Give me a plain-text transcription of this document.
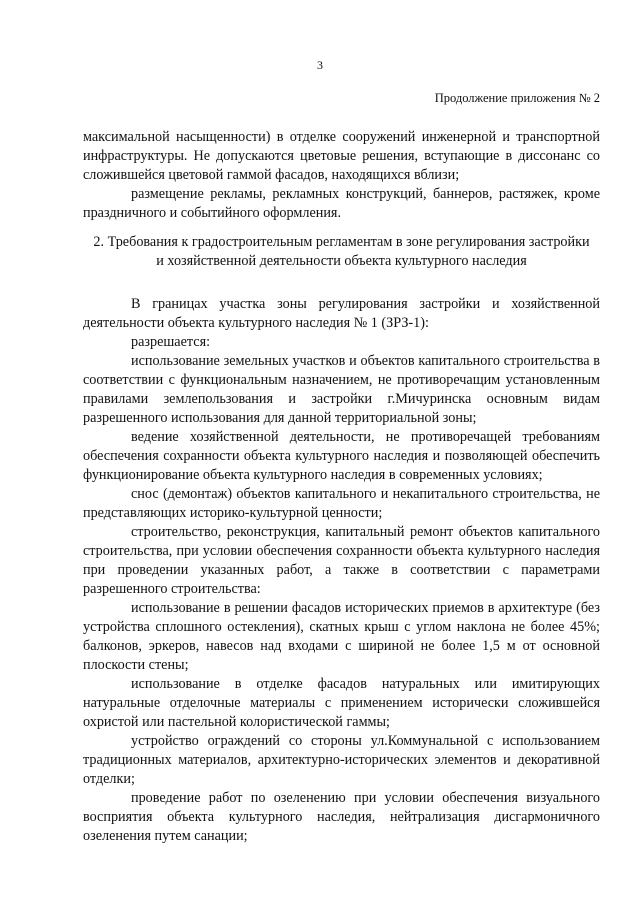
3
Продолжение приложения № 2

максимальной насыщенности) в отделке сооружений инженерной и транспортной инфраструктуры. Не допускаются цветовые решения, вступающие в диссонанс со сложившейся цветовой гаммой фасадов, находящихся вблизи;

размещение рекламы, рекламных конструкций, баннеров, растяжек, кроме праздничного и событийного оформления.

2. Требования к градостроительным регламентам в зоне регулирования застройки и хозяйственной деятельности объекта культурного наследия

В границах участка зоны регулирования застройки и хозяйственной деятельности объекта культурного наследия № 1 (ЗРЗ-1):

разрешается:

использование земельных участков и объектов капитального строительства в соответствии с функциональным назначением, не противоречащим установленным правилами землепользования и застройки г.Мичуринска основным видам разрешенного использования для данной территориальной зоны;

ведение хозяйственной деятельности, не противоречащей требованиям обеспечения сохранности объекта культурного наследия и позволяющей обеспечить функционирование объекта культурного наследия в современных условиях;

снос (демонтаж) объектов капитального и некапитального строительства, не представляющих историко-культурной ценности;

строительство, реконструкция, капитальный ремонт объектов капитального строительства, при условии обеспечения сохранности объекта культурного наследия при проведении указанных работ, а также в соответствии с параметрами разрешенного строительства:

использование в решении фасадов исторических приемов в архитектуре (без устройства сплошного остекления), скатных крыш с углом наклона не более 45%; балконов, эркеров, навесов над входами с шириной не более 1,5 м от основной плоскости стены;

использование в отделке фасадов натуральных или имитирующих натуральные отделочные материалы с применением исторически сложившейся охристой или пастельной колористической гаммы;

устройство ограждений со стороны ул.Коммунальной с использованием традиционных материалов, архитектурно-исторических элементов и декоративной отделки;

проведение работ по озеленению при условии обеспечения визуального восприятия объекта культурного наследия, нейтрализация дисгармоничного озеленения путем санации;
